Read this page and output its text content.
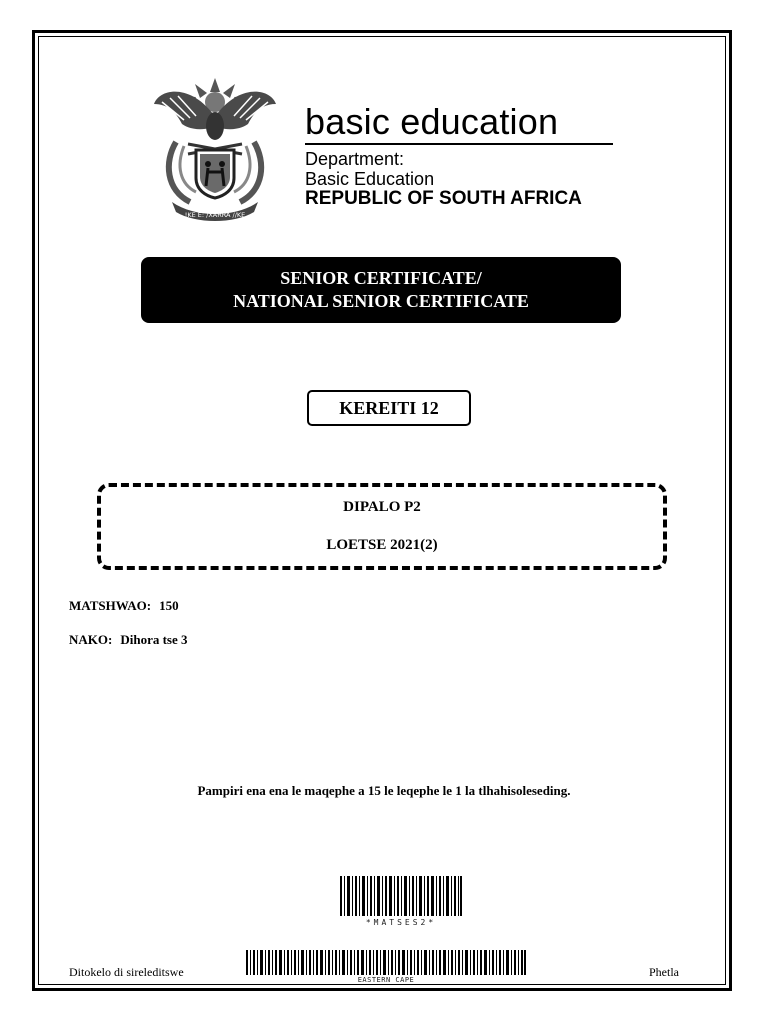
!KE E: /XARRA //KE
basic education
Department:
Basic Education
REPUBLIC OF SOUTH AFRICA
SENIOR CERTIFICATE/
NATIONAL SENIOR CERTIFICATE
KEREITI 12
DIPALO P2
LOETSE 2021(2)
MATSHWAO: 150
NAKO: Dihora tse 3
Pampiri ena ena le maqephe a 15 le leqephe le 1 la tlhahisoleseding.
*MATSES2*
EASTERN CAPE
Ditokelo di sireleditswe	Phetla
